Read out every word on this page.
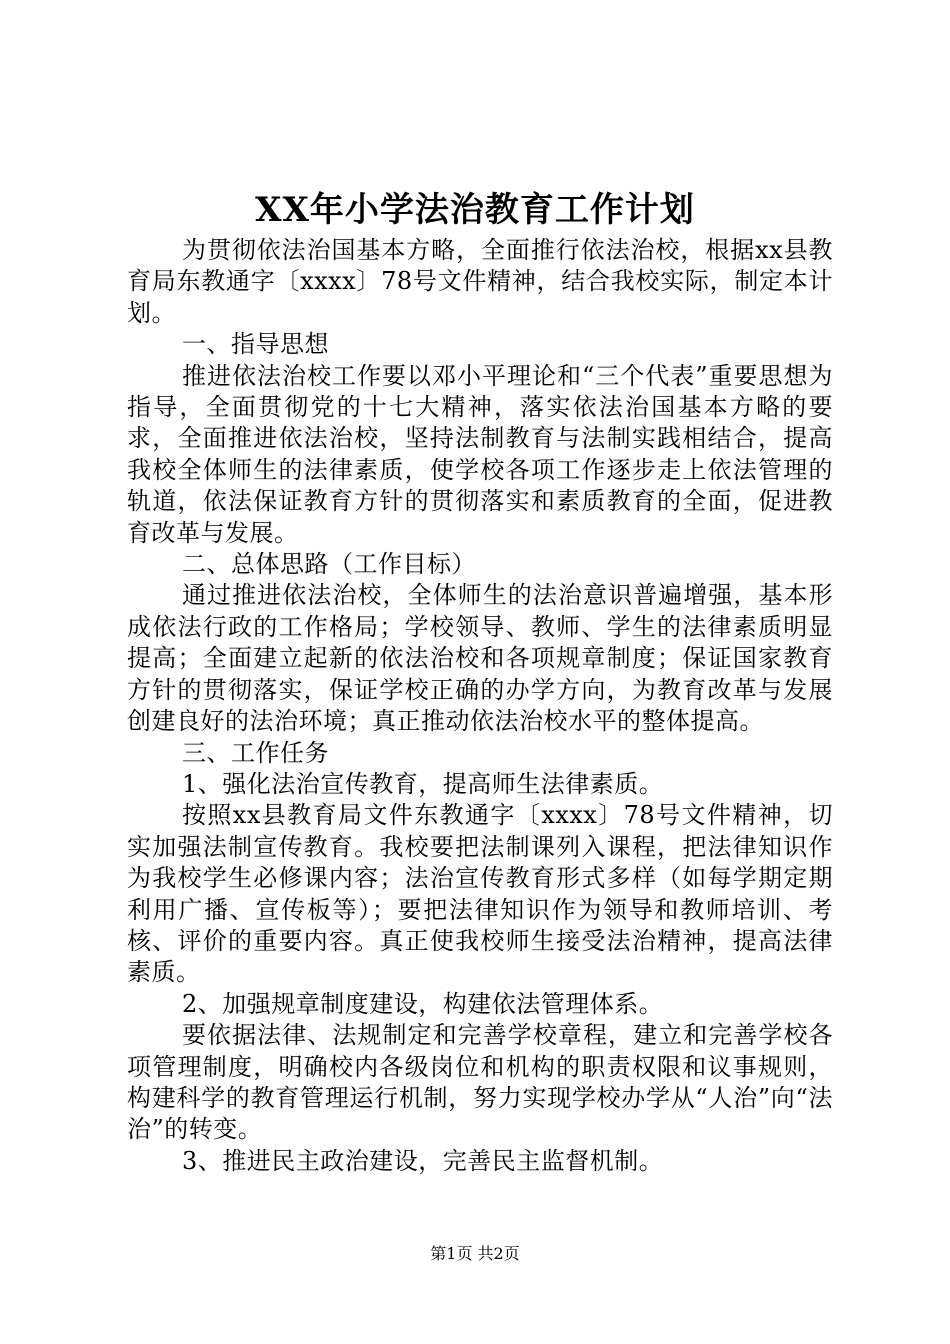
XX年小学法治教育工作计划

为贯彻依法治国基本方略，全面推行依法治校，根据xx县教育局东教通字〔xxxx〕78号文件精神，结合我校实际，制定本计划。

一、指导思想

推进依法治校工作要以邓小平理论和“三个代表”重要思想为指导，全面贯彻党的十七大精神，落实依法治国基本方略的要求，全面推进依法治校，坚持法制教育与法制实践相结合，提高我校全体师生的法律素质，使学校各项工作逐步走上依法管理的轨道，依法保证教育方针的贯彻落实和素质教育的全面，促进教育改革与发展。

二、总体思路（工作目标）

通过推进依法治校，全体师生的法治意识普遍增强，基本形成依法行政的工作格局；学校领导、教师、学生的法律素质明显提高；全面建立起新的依法治校和各项规章制度；保证国家教育方针的贯彻落实，保证学校正确的办学方向，为教育改革与发展创建良好的法治环境；真正推动依法治校水平的整体提高。

三、工作任务

1、强化法治宣传教育，提高师生法律素质。

按照xx县教育局文件东教通字〔xxxx〕78号文件精神，切实加强法制宣传教育。我校要把法制课列入课程，把法律知识作为我校学生必修课内容；法治宣传教育形式多样（如每学期定期利用广播、宣传板等）；要把法律知识作为领导和教师培训、考核、评价的重要内容。真正使我校师生接受法治精神，提高法律素质。

2、加强规章制度建设，构建依法管理体系。

要依据法律、法规制定和完善学校章程，建立和完善学校各项管理制度，明确校内各级岗位和机构的职责权限和议事规则，构建科学的教育管理运行机制，努力实现学校办学从“人治”向“法治”的转变。

3、推进民主政治建设，完善民主监督机制。

第1页 共2页
